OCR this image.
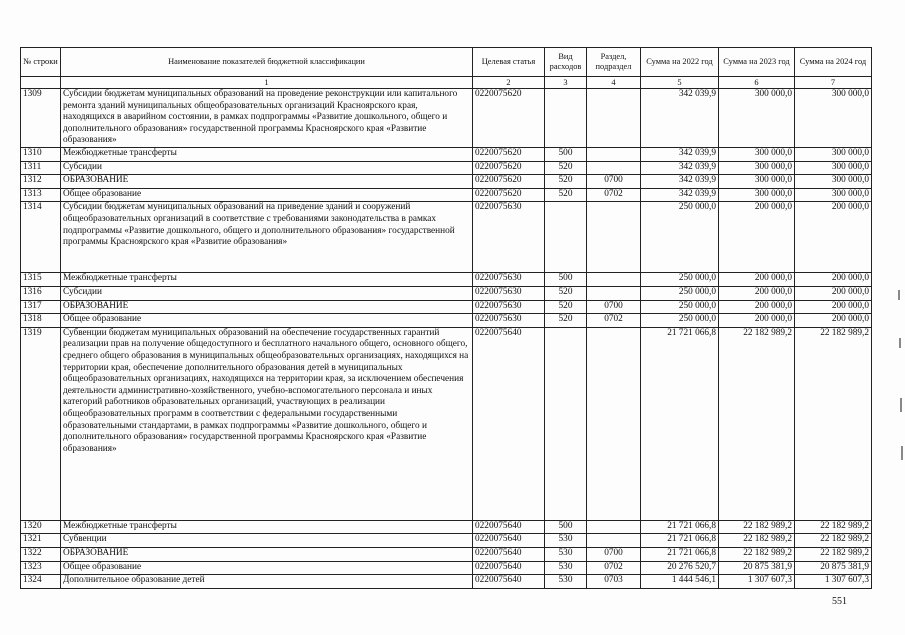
№ строки	Наименование показателей бюджетной классификации	Целевая статья	Вид расходов	Раздел, подраздел	Сумма на 2022 год	Сумма на 2023 год	Сумма на 2024 год
	1	2	3	4	5	6	7
1309	Субсидии бюджетам муниципальных образований на проведение реконструкции или капитального ремонта зданий муниципальных общеобразовательных организаций Красноярского края, находящихся в аварийном состоянии, в рамках подпрограммы «Развитие дошкольного, общего и дополнительного образования» государственной программы Красноярского края «Развитие образования»	0220075620			342 039,9	300 000,0	300 000,0
1310	Межбюджетные трансферты	0220075620	500		342 039,9	300 000,0	300 000,0
1311	Субсидии	0220075620	520		342 039,9	300 000,0	300 000,0
1312	ОБРАЗОВАНИЕ	0220075620	520	0700	342 039,9	300 000,0	300 000,0
1313	Общее образование	0220075620	520	0702	342 039,9	300 000,0	300 000,0
1314	Субсидии бюджетам муниципальных образований на приведение зданий и сооружений общеобразовательных организаций в соответствие с требованиями законодательства в рамках подпрограммы «Развитие дошкольного, общего и дополнительного образования» государственной программы Красноярского края «Развитие образования»	0220075630			250 000,0	200 000,0	200 000,0
1315	Межбюджетные трансферты	0220075630	500		250 000,0	200 000,0	200 000,0
1316	Субсидии	0220075630	520		250 000,0	200 000,0	200 000,0
1317	ОБРАЗОВАНИЕ	0220075630	520	0700	250 000,0	200 000,0	200 000,0
1318	Общее образование	0220075630	520	0702	250 000,0	200 000,0	200 000,0
1319	Субвенции бюджетам муниципальных образований на обеспечение государственных гарантий реализации прав на получение общедоступного и бесплатного начального общего, основного общего, среднего общего образования в муниципальных общеобразовательных организациях, находящихся на территории края, обеспечение дополнительного образования детей в муниципальных общеобразовательных организациях, находящихся на территории края, за исключением обеспечения деятельности административно-хозяйственного, учебно-вспомогательного персонала и иных категорий работников образовательных организаций, участвующих в реализации общеобразовательных программ в соответствии с федеральными государственными образовательными стандартами, в рамках подпрограммы «Развитие дошкольного, общего и дополнительного образования» государственной программы Красноярского края «Развитие образования»	0220075640			21 721 066,8	22 182 989,2	22 182 989,2
1320	Межбюджетные трансферты	0220075640	500		21 721 066,8	22 182 989,2	22 182 989,2
1321	Субвенции	0220075640	530		21 721 066,8	22 182 989,2	22 182 989,2
1322	ОБРАЗОВАНИЕ	0220075640	530	0700	21 721 066,8	22 182 989,2	22 182 989,2
1323	Общее образование	0220075640	530	0702	20 276 520,7	20 875 381,9	20 875 381,9
1324	Дополнительное образование детей	0220075640	530	0703	1 444 546,1	1 307 607,3	1 307 607,3
551
